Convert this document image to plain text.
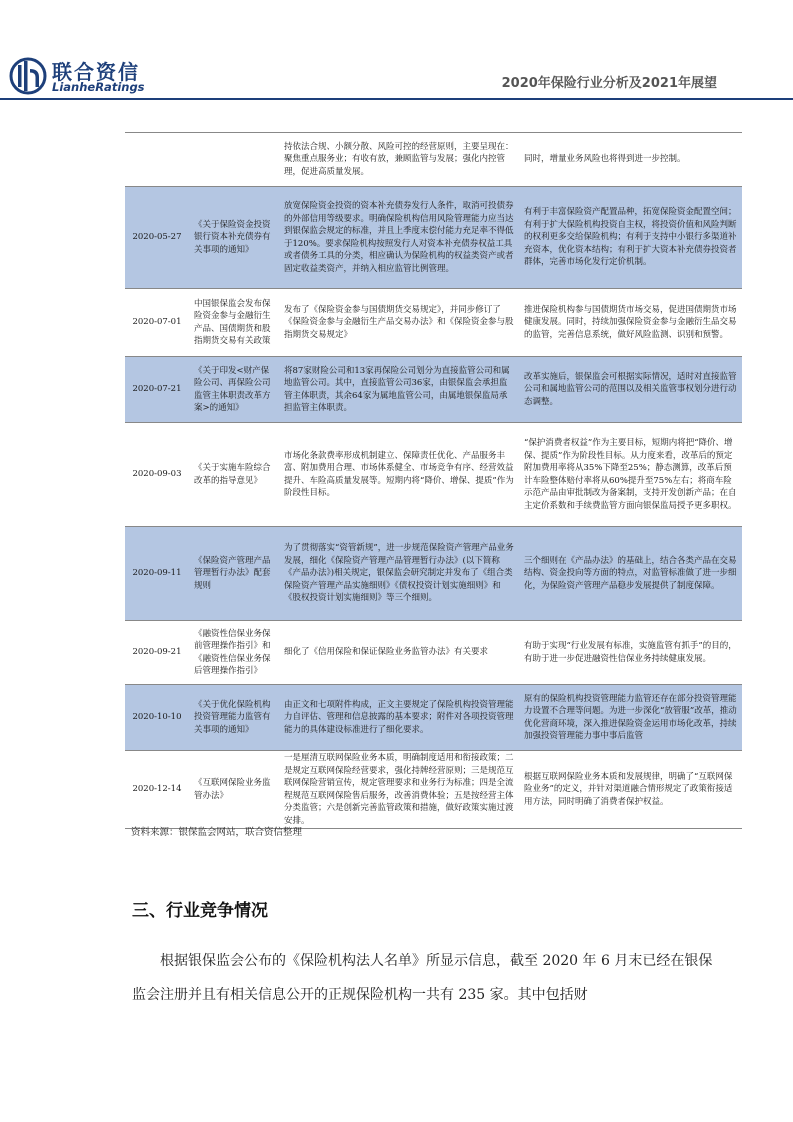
联合资信
LianheRatings	2020年保险行业分析及2021年展望
		持依法合规、小额分散、风险可控的经营原则，主要呈现在：聚焦重点服务业；有收有放，兼顾监管与发展；强化内控管理，促进高质量发展。	同时，增量业务风险也将得到进一步控制。

2020-05-27	《关于保险资金投资银行资本补充债券有关事项的通知》	放宽保险资金投资的资本补充债券发行人条件，取消可投债券的外部信用等级要求。明确保险机构信用风险管理能力应当达到银保监会规定的标准，并且上季度末偿付能力充足率不得低于120%。要求保险机构按照发行人对资本补充债券权益工具或者债务工具的分类，相应确认为保险机构的权益类资产或者固定收益类资产，并纳入相应监管比例管理。	有利于丰富保险资产配置品种，拓宽保险资金配置空间；有利于扩大保险机构投资自主权，将投资价值和风险判断的权利更多交给保险机构；有利于支持中小银行多渠道补充资本，优化资本结构；有利于扩大资本补充债券投资者群体，完善市场化发行定价机制。

2020-07-01	中国银保监会发布保险资金参与金融衍生产品、国债期货和股指期货交易有关政策	发布了《保险资金参与国债期货交易规定》，并同步修订了《保险资金参与金融衍生产品交易办法》和《保险资金参与股指期货交易规定》	推进保险机构参与国债期货市场交易，促进国债期货市场健康发展。同时，持续加强保险资金参与金融衍生品交易的监管，完善信息系统，做好风险监测、识别和预警。

2020-07-21	《关于印发<财产保险公司、再保险公司监管主体职责改革方案>的通知》	将87家财险公司和13家再保险公司划分为直接监管公司和属地监管公司。其中，直接监管公司36家，由银保监会承担监管主体职责，其余64家为属地监管公司，由属地银保监局承担监管主体职责。	改革实施后，银保监会可根据实际情况，适时对直接监管公司和属地监管公司的范围以及相关监管事权划分进行动态调整。

2020-09-03	《关于实施车险综合改革的指导意见》	市场化条款费率形成机制建立、保障责任优化、产品服务丰富、附加费用合理、市场体系健全、市场竞争有序、经营效益提升、车险高质量发展等。短期内将“降价、增保、提质”作为阶段性目标。	“保护消费者权益”作为主要目标，短期内将把“降价、增保、提质”作为阶段性目标。从力度来看，改革后的预定附加费用率将从35%下降至25%；静态测算，改革后预计车险整体赔付率将从60%提升至75%左右；将商车险示范产品由审批制改为备案制，支持开发创新产品；在自主定价系数和手续费监管方面向银保监局授予更多职权。

2020-09-11	《保险资产管理产品管理暂行办法》配套规则	为了贯彻落实“资管新规”，进一步规范保险资产管理产品业务发展，细化《保险资产管理产品管理暂行办法》(以下简称《产品办法》)相关规定，银保监会研究制定并发布了《组合类保险资产管理产品实施细则》《债权投资计划实施细则》和《股权投资计划实施细则》等三个细则。	三个细则在《产品办法》的基础上，结合各类产品在交易结构、资金投向等方面的特点，对监管标准做了进一步细化，为保险资产管理产品稳步发展提供了制度保障。

2020-09-21	《融资性信保业务保前管理操作指引》和《融资性信保业务保后管理操作指引》	细化了《信用保险和保证保险业务监管办法》有关要求	有助于实现“行业发展有标准，实施监管有抓手”的目的，有助于进一步促进融资性信保业务持续健康发展。

2020-10-10	《关于优化保险机构投资管理能力监管有关事项的通知》	由正文和七项附件构成，正文主要规定了保险机构投资管理能力自评估、管理和信息披露的基本要求；附件对各项投资管理能力的具体建设标准进行了细化要求。	原有的保险机构投资管理能力监管还存在部分投资管理能力设置不合理等问题。为进一步深化“放管服”改革，推动优化营商环境，深入推进保险资金运用市场化改革，持续加强投资管理能力事中事后监管

2020-12-14	《互联网保险业务监管办法》	一是厘清互联网保险业务本质，明确制度适用和衔接政策；二是规定互联网保险经营要求，强化持牌经营原则；三是规范互联网保险营销宣传，规定管理要求和业务行为标准；四是全流程规范互联网保险售后服务，改善消费体验；五是按经营主体分类监管；六是创新完善监管政策和措施，做好政策实施过渡安排。	根据互联网保险业务本质和发展规律，明确了“互联网保险业务”的定义，并针对渠道融合情形规定了政策衔接适用方法，同时明确了消费者保护权益。
资料来源：银保监会网站，联合资信整理
三、行业竞争情况
根据银保监会公布的《保险机构法人名单》所显示信息，截至 2020 年 6 月末已经在银保监会注册并且有相关信息公开的正规保险机构一共有 235 家。其中包括财
